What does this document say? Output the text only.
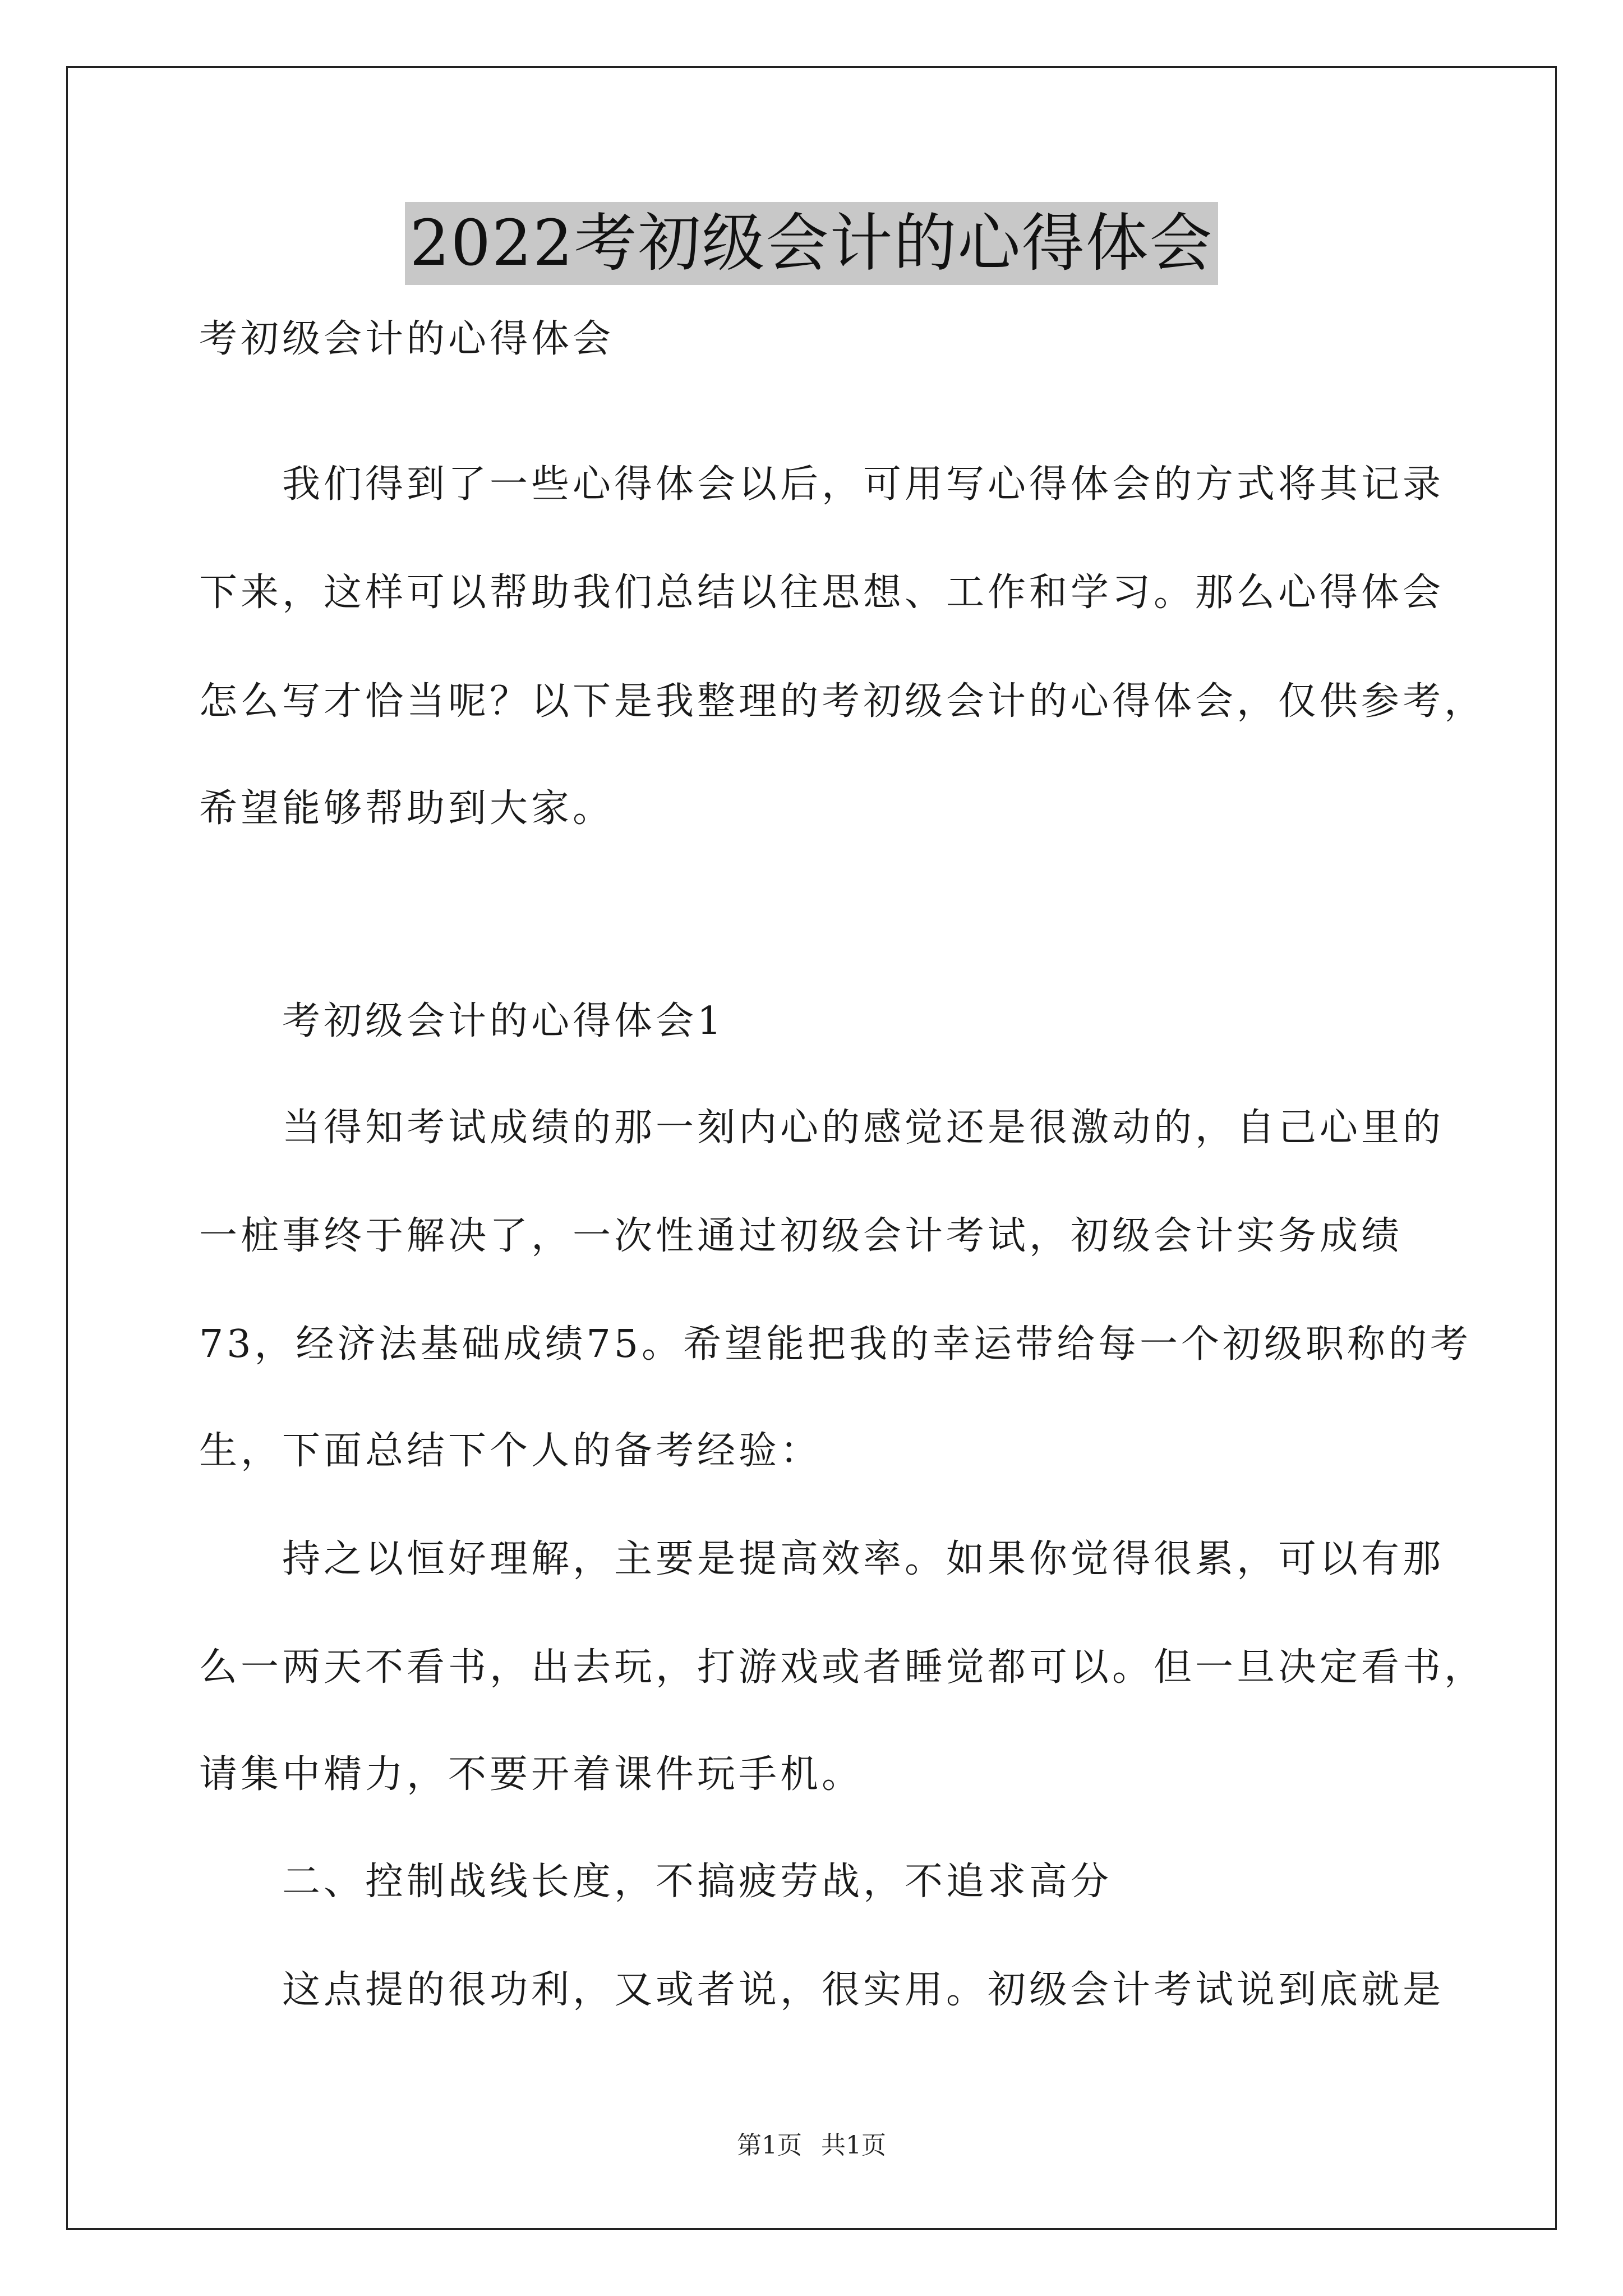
2022考初级会计的心得体会
考初级会计的心得体会
我们得到了一些心得体会以后，可用写心得体会的方式将其记录
下来，这样可以帮助我们总结以往思想、工作和学习。那么心得体会
怎么写才恰当呢？以下是我整理的考初级会计的心得体会，仅供参考，
希望能够帮助到大家。
考初级会计的心得体会1
当得知考试成绩的那一刻内心的感觉还是很激动的，自己心里的
一桩事终于解决了，一次性通过初级会计考试，初级会计实务成绩
73，经济法基础成绩75。希望能把我的幸运带给每一个初级职称的考
生，下面总结下个人的备考经验：
持之以恒好理解，主要是提高效率。如果你觉得很累，可以有那
么一两天不看书，出去玩，打游戏或者睡觉都可以。但一旦决定看书，
请集中精力，不要开着课件玩手机。
二、控制战线长度，不搞疲劳战，不追求高分
这点提的很功利，又或者说，很实用。初级会计考试说到底就是
第1页 共1页
